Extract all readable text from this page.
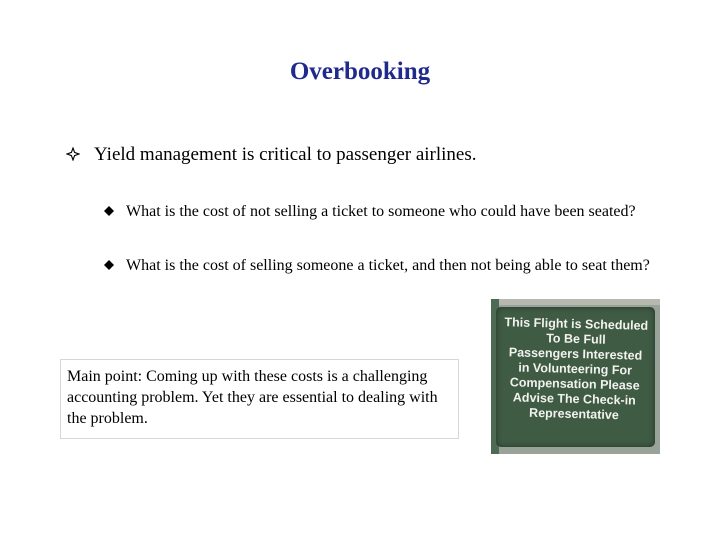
Overbooking
Yield management is critical to passenger airlines.
What is the cost of not selling a ticket to someone who could have been seated?
What is the cost of selling someone a ticket, and then not being able to seat them?
Main point: Coming up with these costs is a challenging accounting problem. Yet they are essential to dealing with the problem.
This Flight is Scheduled
To Be Full
Passengers Interested
in Volunteering For
Compensation Please
Advise The Check-in
Representative
